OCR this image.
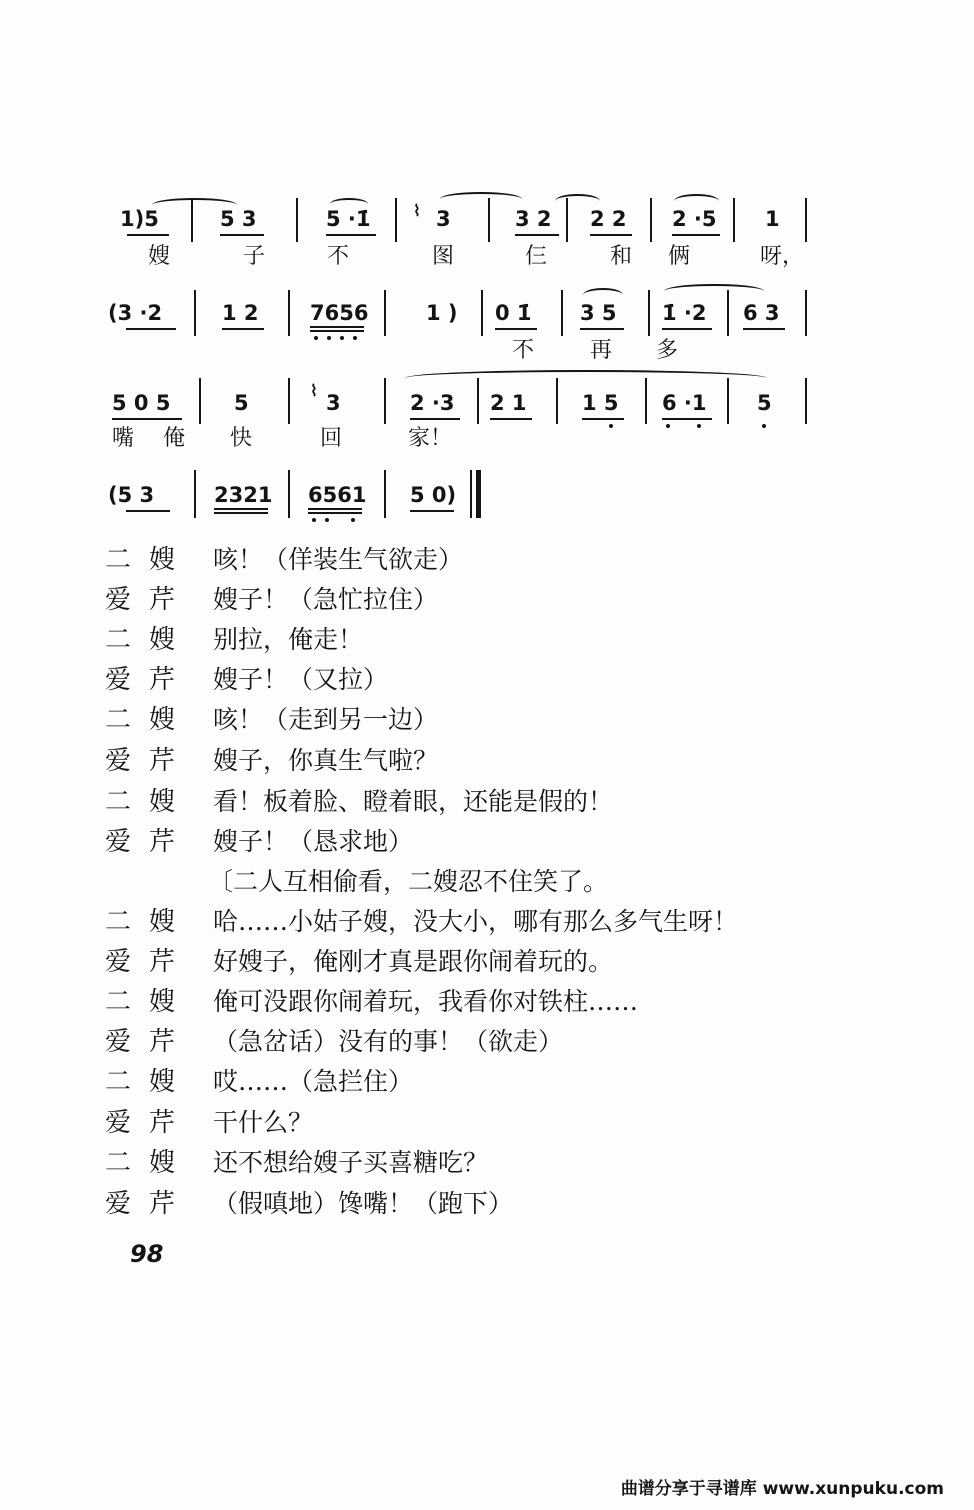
1)5	5 3	5 ·1̇	⌇ 3	3 2 2 2 2 ·5 1
嫂	子	不	图	仨	和 俩	呀，
(3 ·2	1 2 7656	1 ) 0 1̇ 3 5 1̇ ·2 6 3
不	再 多
5 0 5	5
⌇
3	2 ·3 2 1	1 5 6 ·1 5
嘴 俺 快	回	家！
(5 3	2321 6561 5 0)
二嫂 咳！（佯装生气欲走）
爱芹 嫂子！（急忙拉住）
二嫂 别拉，俺走！
爱芹 嫂子！（又拉）
二嫂 咳！（走到另一边）
爱芹 嫂子，你真生气啦？
二嫂 看！板着脸、瞪着眼，还能是假的！
爱芹 嫂子！（恳求地）
〔二人互相偷看，二嫂忍不住笑了。
二嫂 哈……小姑子嫂，没大小，哪有那么多气生呀！
爱芹 好嫂子，俺刚才真是跟你闹着玩的。
二嫂 俺可没跟你闹着玩，我看你对铁柱……
爱芹 （急岔话）没有的事！（欲走）
二嫂 哎……（急拦住）
爱芹 干什么？
二嫂 还不想给嫂子买喜糖吃？
爱芹 （假嗔地）馋嘴！（跑下）
98
曲谱分享于寻谱库 www.xunpuku.com
